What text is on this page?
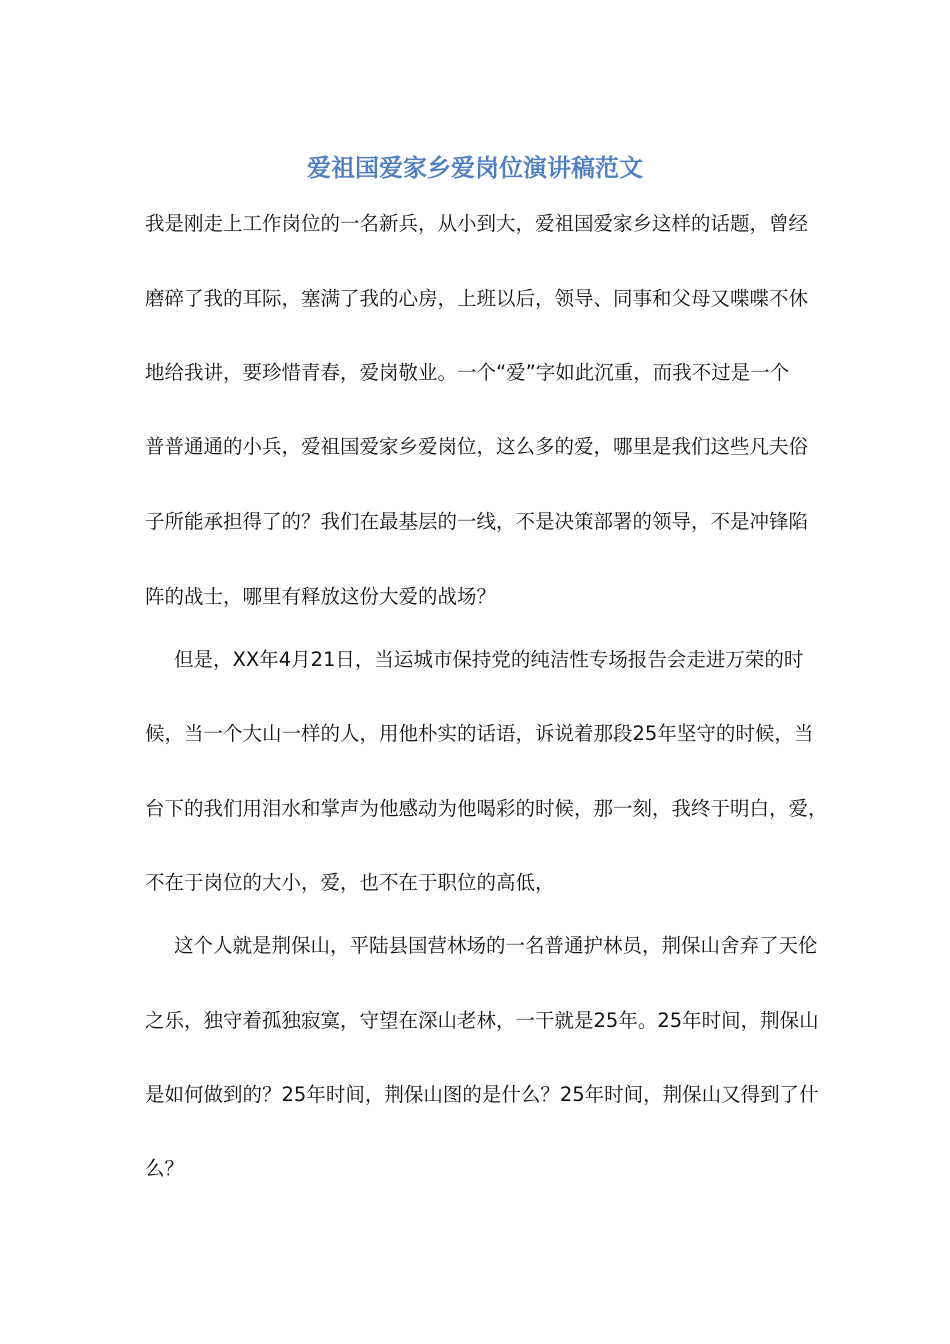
爱祖国爱家乡爱岗位演讲稿范文

我是刚走上工作岗位的一名新兵，从小到大，爱祖国爱家乡这样的话题，曾经

磨碎了我的耳际，塞满了我的心房，上班以后，领导、同事和父母又喋喋不休

地给我讲，要珍惜青春，爱岗敬业。一个“爱”字如此沉重，而我不过是一个

普普通通的小兵，爱祖国爱家乡爱岗位，这么多的爱，哪里是我们这些凡夫俗

子所能承担得了的？我们在最基层的一线，不是决策部署的领导，不是冲锋陷

阵的战士，哪里有释放这份大爱的战场？

但是，XX年4月21日，当运城市保持党的纯洁性专场报告会走进万荣的时

候，当一个大山一样的人，用他朴实的话语，诉说着那段25年坚守的时候，当

台下的我们用泪水和掌声为他感动为他喝彩的时候，那一刻，我终于明白，爱，

不在于岗位的大小，爱，也不在于职位的高低，

这个人就是荆保山，平陆县国营林场的一名普通护林员，荆保山舍弃了天伦

之乐，独守着孤独寂寞，守望在深山老林，一干就是25年。25年时间，荆保山

是如何做到的？25年时间，荆保山图的是什么？25年时间，荆保山又得到了什

么？
